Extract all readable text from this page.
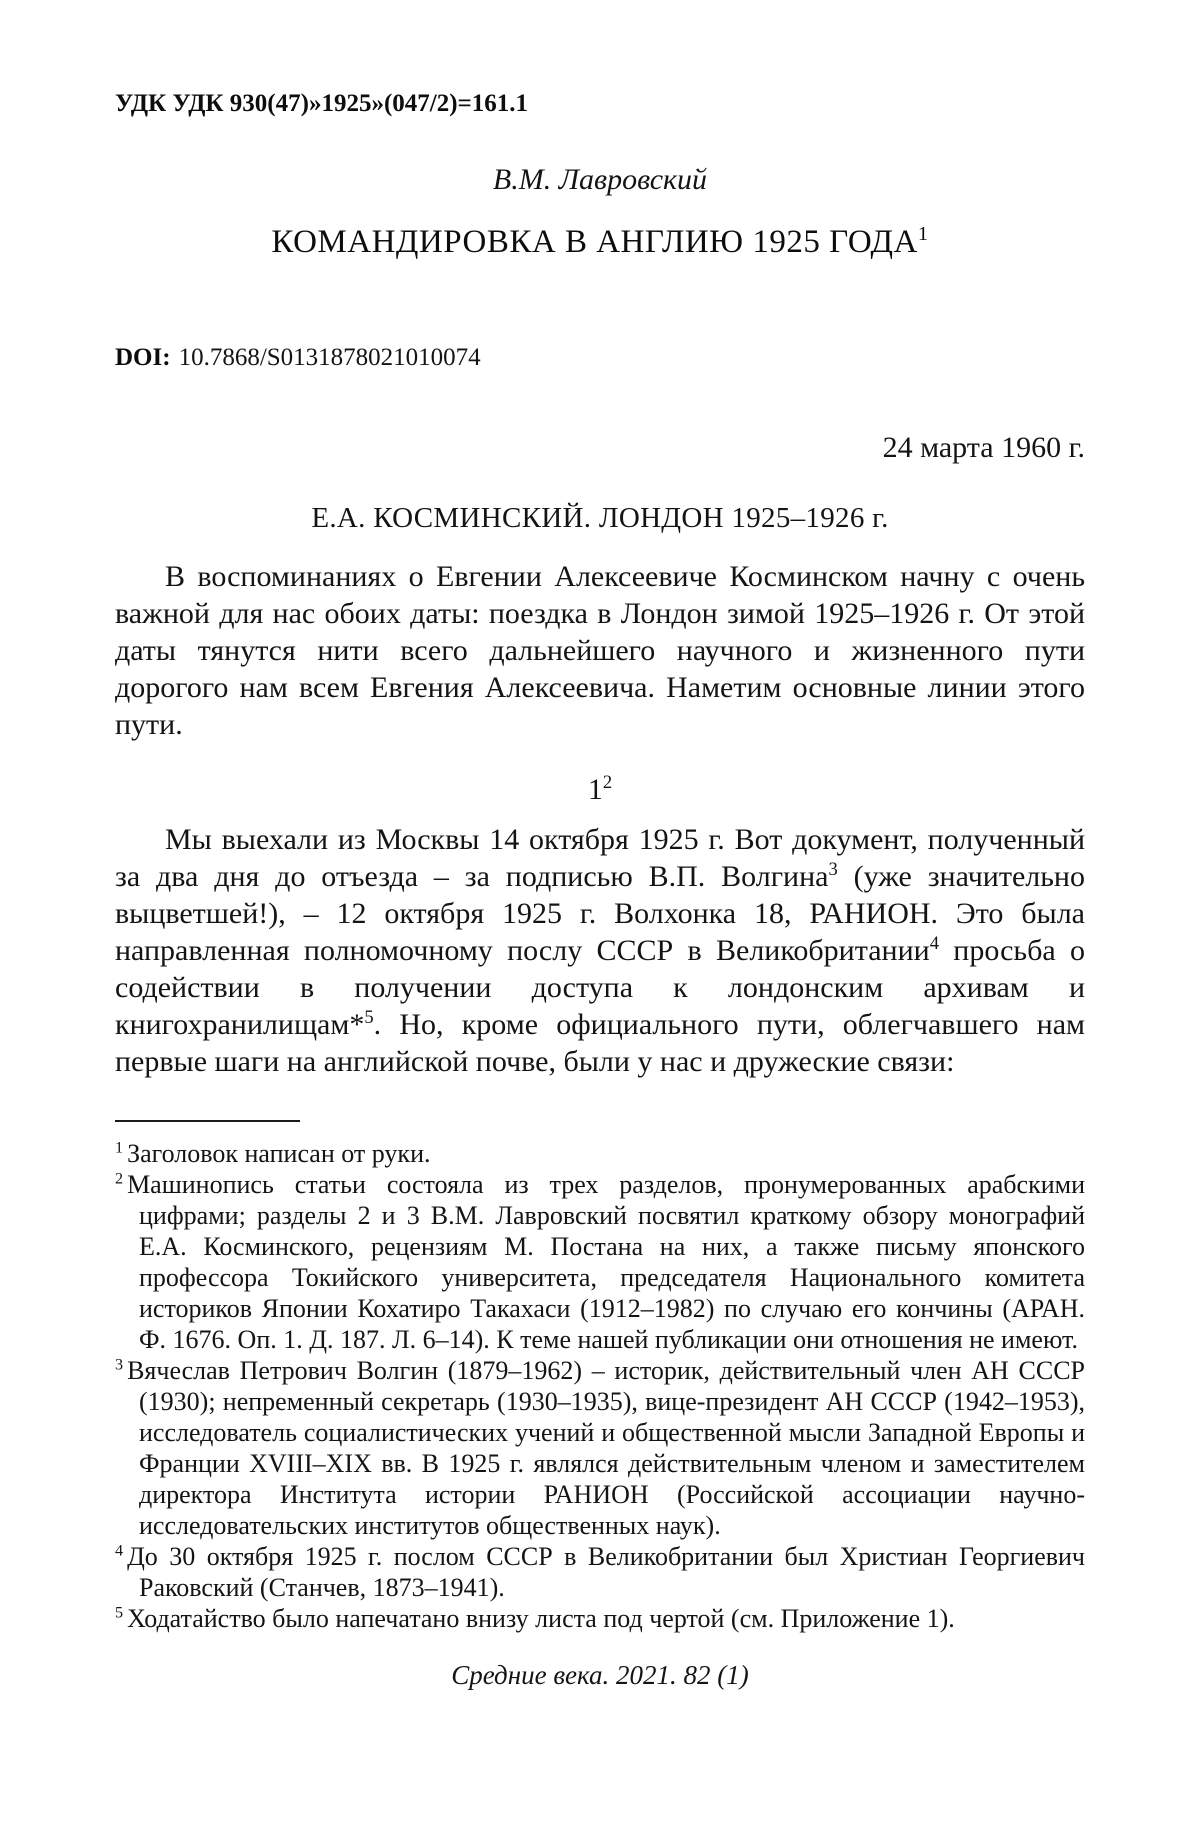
УДК УДК 930(47)»1925»(047/2)=161.1
В.М. Лавровский
КОМАНДИРОВКА В АНГЛИЮ 1925 ГОДА$^1$
DOI: 10.7868/S0131878021010074
24 марта 1960 г.
Е.А. КОСМИНСКИЙ. ЛОНДОН 1925–1926 г.

В воспоминаниях о Евгении Алексеевиче Косминском начну с очень важной для нас обоих даты: поездка в Лондон зимой 1925–1926 г. От этой даты тянутся нити всего дальнейшего научного и жизненного пути дорогого нам всем Евгения Алексеевича. Наметим основные линии этого пути.

$1^2$

Мы выехали из Москвы 14 октября 1925 г. Вот документ, полученный за два дня до отъезда – за подписью В.П. Волгина$^3$ (уже значительно выцветшей!), – 12 октября 1925 г. Волхонка 18, РАНИОН. Это была направленная полномочному послу СССР в Великобритании$^4$ просьба о содействии в получении доступа к лондонским архивам и книгохранилищам*$^5$. Но, кроме официального пути, облегчавшего нам первые шаги на английской почве, были у нас и дружеские связи:

$^1$ Заголовок написан от руки.

$^2$ Машинопись статьи состояла из трех разделов, пронумерованных арабскими цифрами; разделы 2 и 3 В.М. Лавровский посвятил краткому обзору монографий Е.А. Косминского, рецензиям М. Постана на них, а также письму японского профессора Токийского университета, председателя Национального комитета историков Японии Кохатиро Такахаси (1912–1982) по случаю его кончины (АРАН. Ф. 1676. Оп. 1. Д. 187. Л. 6–14). К теме нашей публикации они отношения не имеют.

$^3$ Вячеслав Петрович Волгин (1879–1962) – историк, действительный член АН СССР (1930); непременный секретарь (1930–1935), вице-президент АН СССР (1942–1953), исследователь социалистических учений и общественной мысли Западной Европы и Франции XVIII–XIX вв. В 1925 г. являлся действительным членом и заместителем директора Института истории РАНИОН (Российской ассоциации научно-исследовательских институтов общественных наук).

$^4$ До 30 октября 1925 г. послом СССР в Великобритании был Христиан Георгиевич Раковский (Станчев, 1873–1941).

$^5$ Ходатайство было напечатано внизу листа под чертой (см. Приложение 1).

Средние века. 2021. 82 (1)
